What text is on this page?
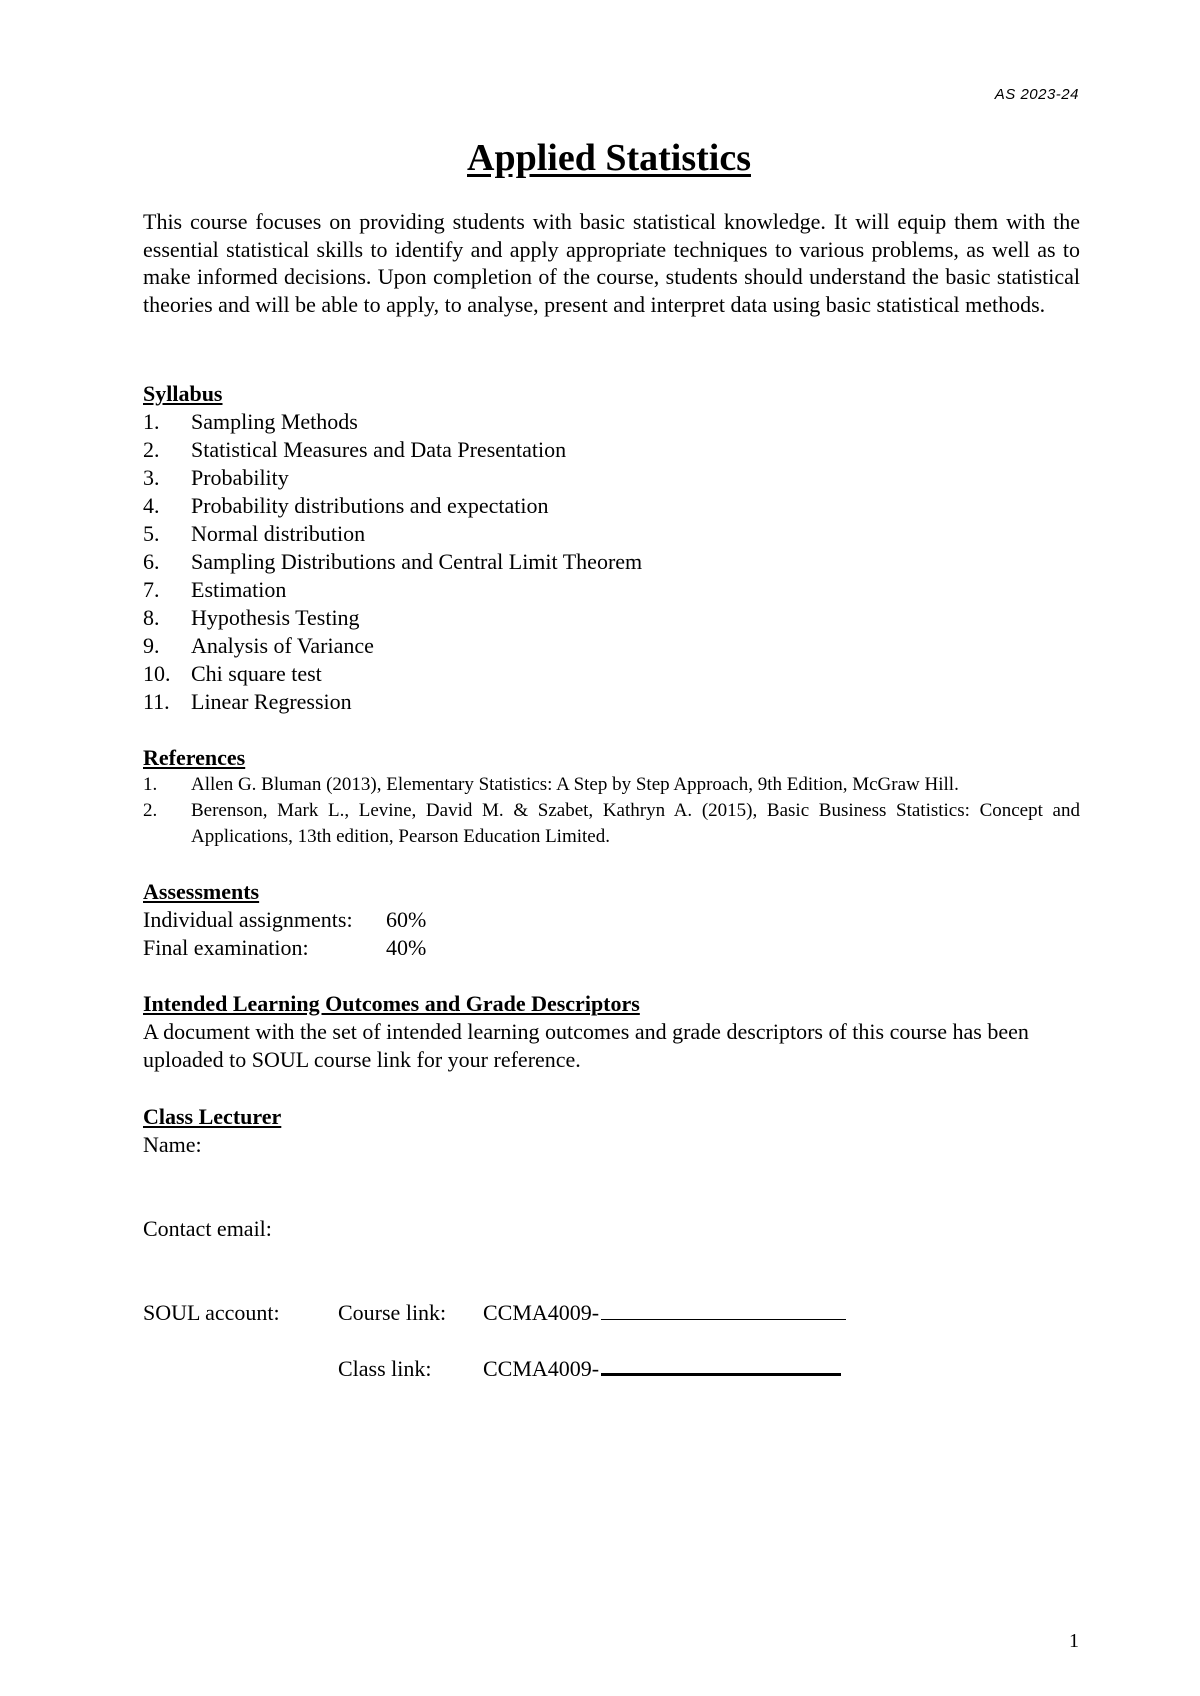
AS 2023-24
Applied Statistics
This course focuses on providing students with basic statistical knowledge. It will equip them with the essential statistical skills to identify and apply appropriate techniques to various problems, as well as to make informed decisions. Upon completion of the course, students should understand the basic statistical theories and will be able to apply, to analyse, present and interpret data using basic statistical methods.
Syllabus
1.	Sampling Methods
2.	Statistical Measures and Data Presentation
3.	Probability
4.	Probability distributions and expectation
5.	Normal distribution
6.	Sampling Distributions and Central Limit Theorem
7.	Estimation
8.	Hypothesis Testing
9.	Analysis of Variance
10. Chi square test
11. Linear Regression
References
1.	Allen G. Bluman (2013), Elementary Statistics: A Step by Step Approach, 9th Edition, McGraw Hill.
2.	Berenson, Mark L., Levine, David M. & Szabet, Kathryn A. (2015), Basic Business Statistics: Concept and Applications, 13th edition, Pearson Education Limited.
Assessments
Individual assignments:	60%
Final examination:	40%
Intended Learning Outcomes and Grade Descriptors
A document with the set of intended learning outcomes and grade descriptors of this course has been uploaded to SOUL course link for your reference.
Class Lecturer
Name:
Contact email:
SOUL account:	Course link:	CCMA4009-
Class link:	CCMA4009-
1
